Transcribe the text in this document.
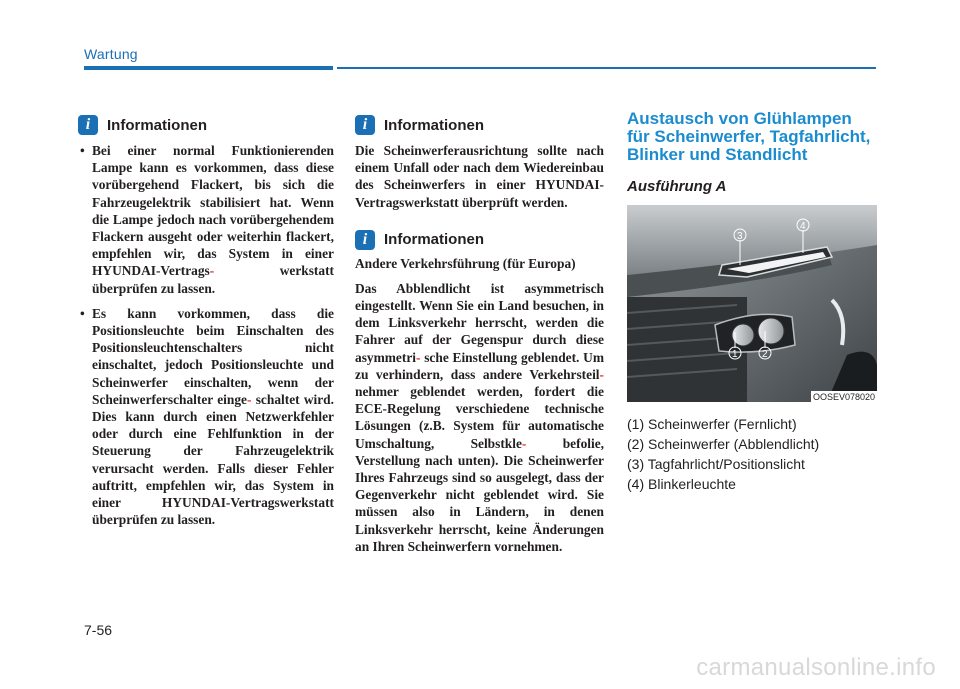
Wartung
i Informationen
• Bei einer normal Funktionierenden Lampe kann es vorkommen, dass diese vorübergehend Flackert, bis sich die Fahrzeugelektrik stabilisiert hat. Wenn die Lampe jedoch nach vorübergehendem Flackern ausgeht oder weiterhin flackert, empfehlen wir, das System in einer HYUNDAI-Vertrags- werkstatt überprüfen zu lassen.
• Es kann vorkommen, dass die Positionsleuchte beim Einschalten des Positionsleuchtenschalters nicht einschaltet, jedoch Positionsleuchte und Scheinwerfer einschalten, wenn der Scheinwerferschalter einge- schaltet wird. Dies kann durch einen Netzwerkfehler oder durch eine Fehlfunktion in der Steuerung der Fahrzeugelektrik verursacht werden. Falls dieser Fehler auftritt, empfehlen wir, das System in einer HYUNDAI-Vertragswerkstatt überprüfen zu lassen.
i Informationen
Die Scheinwerferausrichtung sollte nach einem Unfall oder nach dem Wiedereinbau des Scheinwerfers in einer HYUNDAI-Vertragswerkstatt überprüft werden.
i Informationen
Andere Verkehrsführung (für Europa)
Das Abblendlicht ist asymmetrisch eingestellt. Wenn Sie ein Land besuchen, in dem Linksverkehr herrscht, werden die Fahrer auf der Gegenspur durch diese asymmetri- sche Einstellung geblendet. Um zu verhindern, dass andere Verkehrsteil- nehmer geblendet werden, fordert die ECE-Regelung verschiedene technische Lösungen (z.B. System für automatische Umschaltung, Selbstkle- befolie, Verstellung nach unten). Die Scheinwerfer Ihres Fahrzeugs sind so ausgelegt, dass der Gegenverkehr nicht geblendet wird. Sie müssen also in Ländern, in denen Linksverkehr herrscht, keine Änderungen an Ihren Scheinwerfern vornehmen.
Austausch von Glühlampen
für Scheinwerfer, Tagfahrlicht,
Blinker und Standlicht
Ausführung A
1 2
3
4
OOSEV078020
(1) Scheinwerfer (Fernlicht)
(2) Scheinwerfer (Abblendlicht)
(3) Tagfahrlicht/Positionslicht
(4) Blinkerleuchte
7-56
carmanualsonline.info
